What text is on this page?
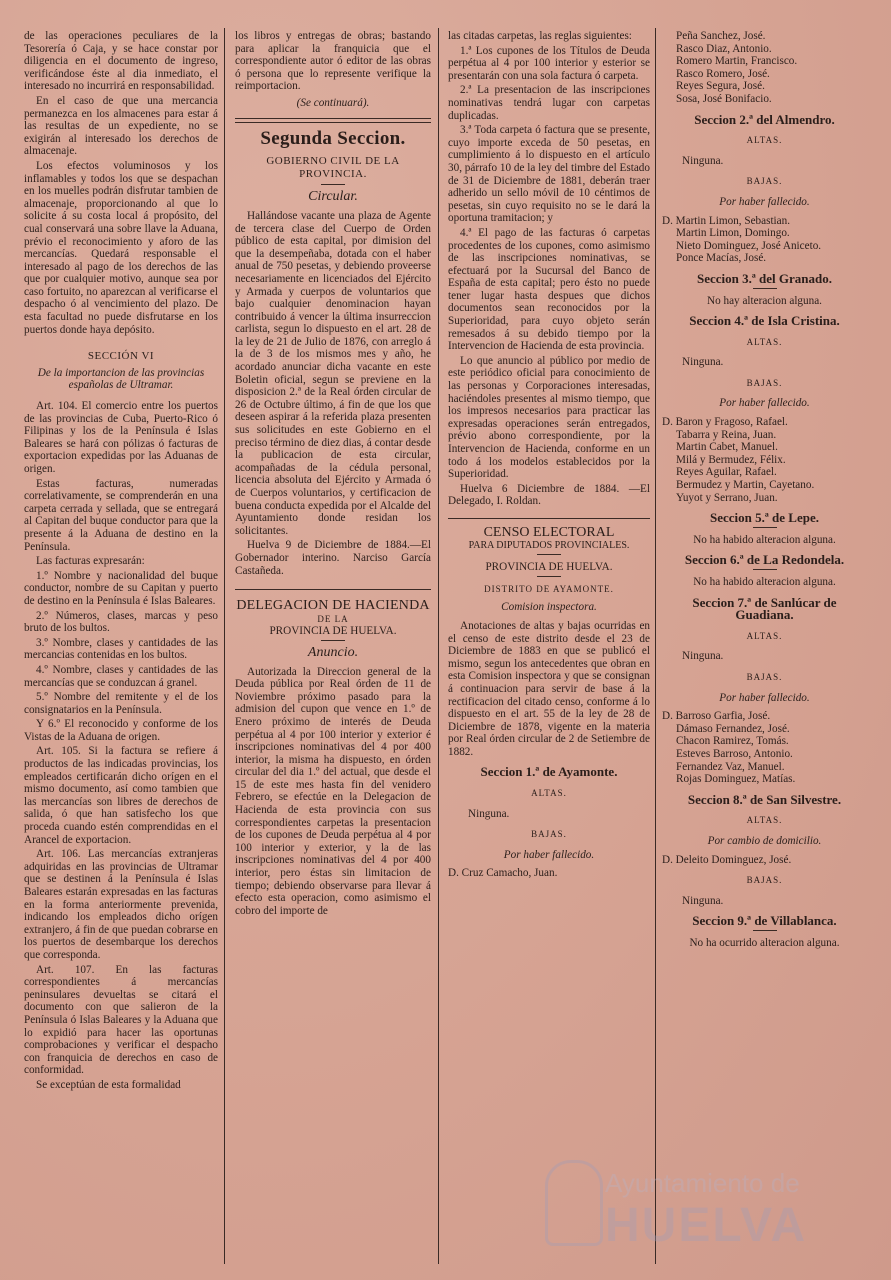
de las operaciones peculiares de la Tesorería ó Caja, y se hace constar por diligencia en el documento de ingreso, verificándose éste al dia inmediato, el interesado no incurrirá en responsabilidad.

En el caso de que una mercancia permanezca en los almacenes para estar á las resultas de un expediente, no se exigirán al interesado los derechos de almacenaje.

Los efectos voluminosos y los inflamables y todos los que se despachan en los muelles podrán disfrutar tambien de almacenaje, proporcionando al que lo solicite á su costa local á propósito, del cual conservará una sobre llave la Aduana, prévio el reconocimiento y aforo de las mercancías. Quedará responsable el interesado al pago de los derechos de las que por cualquier motivo, aunque sea por caso fortuito, no aparezcan al verificarse el despacho ó al vencimiento del plazo. De esta facultad no puede disfrutarse en los puertos donde haya depósito.

SECCIÓN VI

De la importancion de las provincias españolas de Ultramar.

Art. 104. El comercio entre los puertos de las provincias de Cuba, Puerto-Rico ó Filipinas y los de la Península é Islas Baleares se hará con pólizas ó facturas de exportacion expedidas por las Aduanas de origen.

Estas facturas, numeradas correlativamente, se comprenderán en una carpeta cerrada y sellada, que se entregará al Capitan del buque conductor para que la presente á la Aduana de destino en la Península.

Las facturas expresarán:

1.º Nombre y nacionalidad del buque conductor, nombre de su Capitan y puerto de destino en la Península é Islas Baleares.

2.º Números, clases, marcas y peso bruto de los bultos.

3.º Nombre, clases y cantidades de las mercancias contenidas en los bultos.

4.º Nombre, clases y cantidades de las mercancías que se conduzcan á granel.

5.º Nombre del remitente y el de los consignatarios en la Península.

Y 6.º El reconocido y conforme de los Vistas de la Aduana de origen.

Art. 105. Si la factura se refiere á productos de las indicadas provincias, los empleados certificarán dicho orígen en el mismo documento, así como tambien que las mercancías son libres de derechos de salida, ó que han satisfecho los que proceda cuando estén comprendidas en el Arancel de exportacion.

Art. 106. Las mercancías extranjeras adquiridas en las provincias de Ultramar que se destinen á la Península é Islas Baleares estarán expresadas en las facturas en la forma anteriormente prevenida, indicando los empleados dicho orígen extranjero, á fin de que puedan cobrarse en los puertos de desembarque los derechos que corresponda.

Art. 107. En las facturas correspondientes á mercancías peninsulares devueltas se citará el documento con que salieron de la Península ó Islas Baleares y la Aduana que lo expidió para hacer las oportunas comprobaciones y verificar el despacho con franquicia de derechos en caso de conformidad.

Se exceptúan de esta formalidad

los libros y entregas de obras; bastando para aplicar la franquicia que el correspondiente autor ó editor de las obras ó persona que lo represente verifique la reimportacion.

(Se continuará).

Segunda Seccion.
GOBIERNO CIVIL DE LA PROVINCIA.
Circular.

Hallándose vacante una plaza de Agente de tercera clase del Cuerpo de Orden público de esta capital, por dimision del que la desempeñaba, dotada con el haber anual de 750 pesetas, y debiendo proveerse necesariamente en licenciados del Ejército y Armada y cuerpos de voluntarios que bajo cualquier denominacion hayan contribuido á vencer la última insurreccion carlista, segun lo dispuesto en el art. 28 de la ley de 21 de Julio de 1876, con arreglo á la de 3 de los mismos mes y año, he acordado anunciar dicha vacante en este Boletin oficial, segun se previene en la disposicion 2.ª de la Real órden circular de 26 de Octubre último, á fin de que los que deseen aspirar á la referida plaza presenten sus solicitudes en este Gobierno en el preciso término de diez dias, á contar desde la publicacion de esta circular, acompañadas de la cédula personal, licencia absoluta del Ejército y Armada ó de Cuerpos voluntarios, y certificacion de buena conducta expedida por el Alcalde del Ayuntamiento donde residan los solicitantes.

Huelva 9 de Diciembre de 1884.—El Gobernador interino. Narciso García Castañeda.

DELEGACION DE HACIENDA
DE LA
PROVINCIA DE HUELVA.
Anuncio.

Autorizada la Direccion general de la Deuda pública por Real órden de 11 de Noviembre próximo pasado para la admision del cupon que vence en 1.º de Enero próximo de interés de Deuda perpétua al 4 por 100 interior y exterior é inscripciones nominativas del 4 por 400 interior, la misma ha dispuesto, en órden circular del dia 1.º del actual, que desde el 15 de este mes hasta fin del venidero Febrero, se efectúe en la Delegacion de Hacienda de esta provincia con sus correspondientes carpetas la presentacion de los cupones de Deuda perpétua al 4 por 100 interior y exterior, y la de las inscripciones nominativas del 4 por 400 interior, pero éstas sin limitacion de tiempo; debiendo observarse para llevar á efecto esta operacion, como asimismo el cobro del importe de

las citadas carpetas, las reglas siguientes:

1.ª Los cupones de los Títulos de Deuda perpétua al 4 por 100 interior y esterior se presentarán con una sola factura ó carpeta.

2.ª La presentacion de las inscripciones nominativas tendrá lugar con carpetas duplicadas.

3.ª Toda carpeta ó factura que se presente, cuyo importe exceda de 50 pesetas, en cumplimiento á lo dispuesto en el artículo 30, párrafo 10 de la ley del timbre del Estado de 31 de Diciembre de 1881, deberán traer adherido un sello móvil de 10 céntimos de pesetas, sin cuyo requisito no se le dará la oportuna tramitacion; y

4.ª El pago de las facturas ó carpetas procedentes de los cupones, como asimismo de las inscripciones nominativas, se efectuará por la Sucursal del Banco de España de esta capital; pero ésto no puede tener lugar hasta despues que dichos documentos sean reconocidos por la Superioridad, para cuyo objeto serán remesados á su debido tiempo por la Intervencion de Hacienda de esta provincia.

Lo que anuncio al público por medio de este periódico oficial para conocimiento de las personas y Corporaciones interesadas, haciéndoles presentes al mismo tiempo, que los impresos necesarios para practicar las expresadas operaciones serán entregados, prévio abono correspondiente, por la Intervencion de Hacienda, conforme en un todo á los modelos establecidos por la Superioridad.

Huelva 6 Diciembre de 1884. —El Delegado, I. Roldan.

CENSO ELECTORAL
PARA DIPUTADOS PROVINCIALES.
PROVINCIA DE HUELVA.
DISTRITO DE AYAMONTE.
Comision inspectora.

Anotaciones de altas y bajas ocurridas en el censo de este distrito desde el 23 de Diciembre de 1883 en que se publicó el mismo, segun los antecedentes que obran en esta Comision inspectora y que se consignan á continuacion para servir de base á la rectificacion del citado censo, conforme á lo dispuesto en el art. 55 de la ley de 28 de Diciembre de 1878, vigente en la materia por Real órden circular de 2 de Setiembre de 1882.

Seccion 1.ª de Ayamonte.
ALTAS.
Ninguna.
BAJAS.
Por haber fallecido.

D. Cruz Camacho, Juan.

Peña Sanchez, José.

Rasco Diaz, Antonio.

Romero Martin, Francisco.

Rasco Romero, José.

Reyes Segura, José.

Sosa, José Bonifacio.

Seccion 2.ª del Almendro.
ALTAS.
Ninguna.
BAJAS.
Por haber fallecido.

D. Martin Limon, Sebastian.

Martin Limon, Domingo.

Nieto Dominguez, José Aniceto.

Ponce Macías, José.

Seccion 3.ª del Granado.
No hay alteracion alguna.
Seccion 4.ª de Isla Cristina.
ALTAS.
Ninguna.
BAJAS.
Por haber fallecido.

D. Baron y Fragoso, Rafael.

Tabarra y Reina, Juan.

Martin Cabet, Manuel.

Milá y Bermudez, Félix.

Reyes Aguilar, Rafael.

Bermudez y Martin, Cayetano.

Yuyot y Serrano, Juan.

Seccion 5.ª de Lepe.
No ha habido alteracion alguna.
Seccion 6.ª de La Redondela.
No ha habido alteracion alguna.
Seccion 7.ª de Sanlúcar de Guadiana.
ALTAS.
Ninguna.
BAJAS.
Por haber fallecido.

D. Barroso Garfia, José.

Dámaso Fernandez, José.

Chacon Ramirez, Tomás.

Esteves Barroso, Antonio.

Fernandez Vaz, Manuel.

Rojas Dominguez, Matías.

Seccion 8.ª de San Silvestre.
ALTAS.
Por cambio de domicilio.

D. Deleito Dominguez, José.

BAJAS.
Ninguna.
Seccion 9.ª de Villablanca.
No ha ocurrido alteracion alguna.
Ayuntamiento de
HUELVA
